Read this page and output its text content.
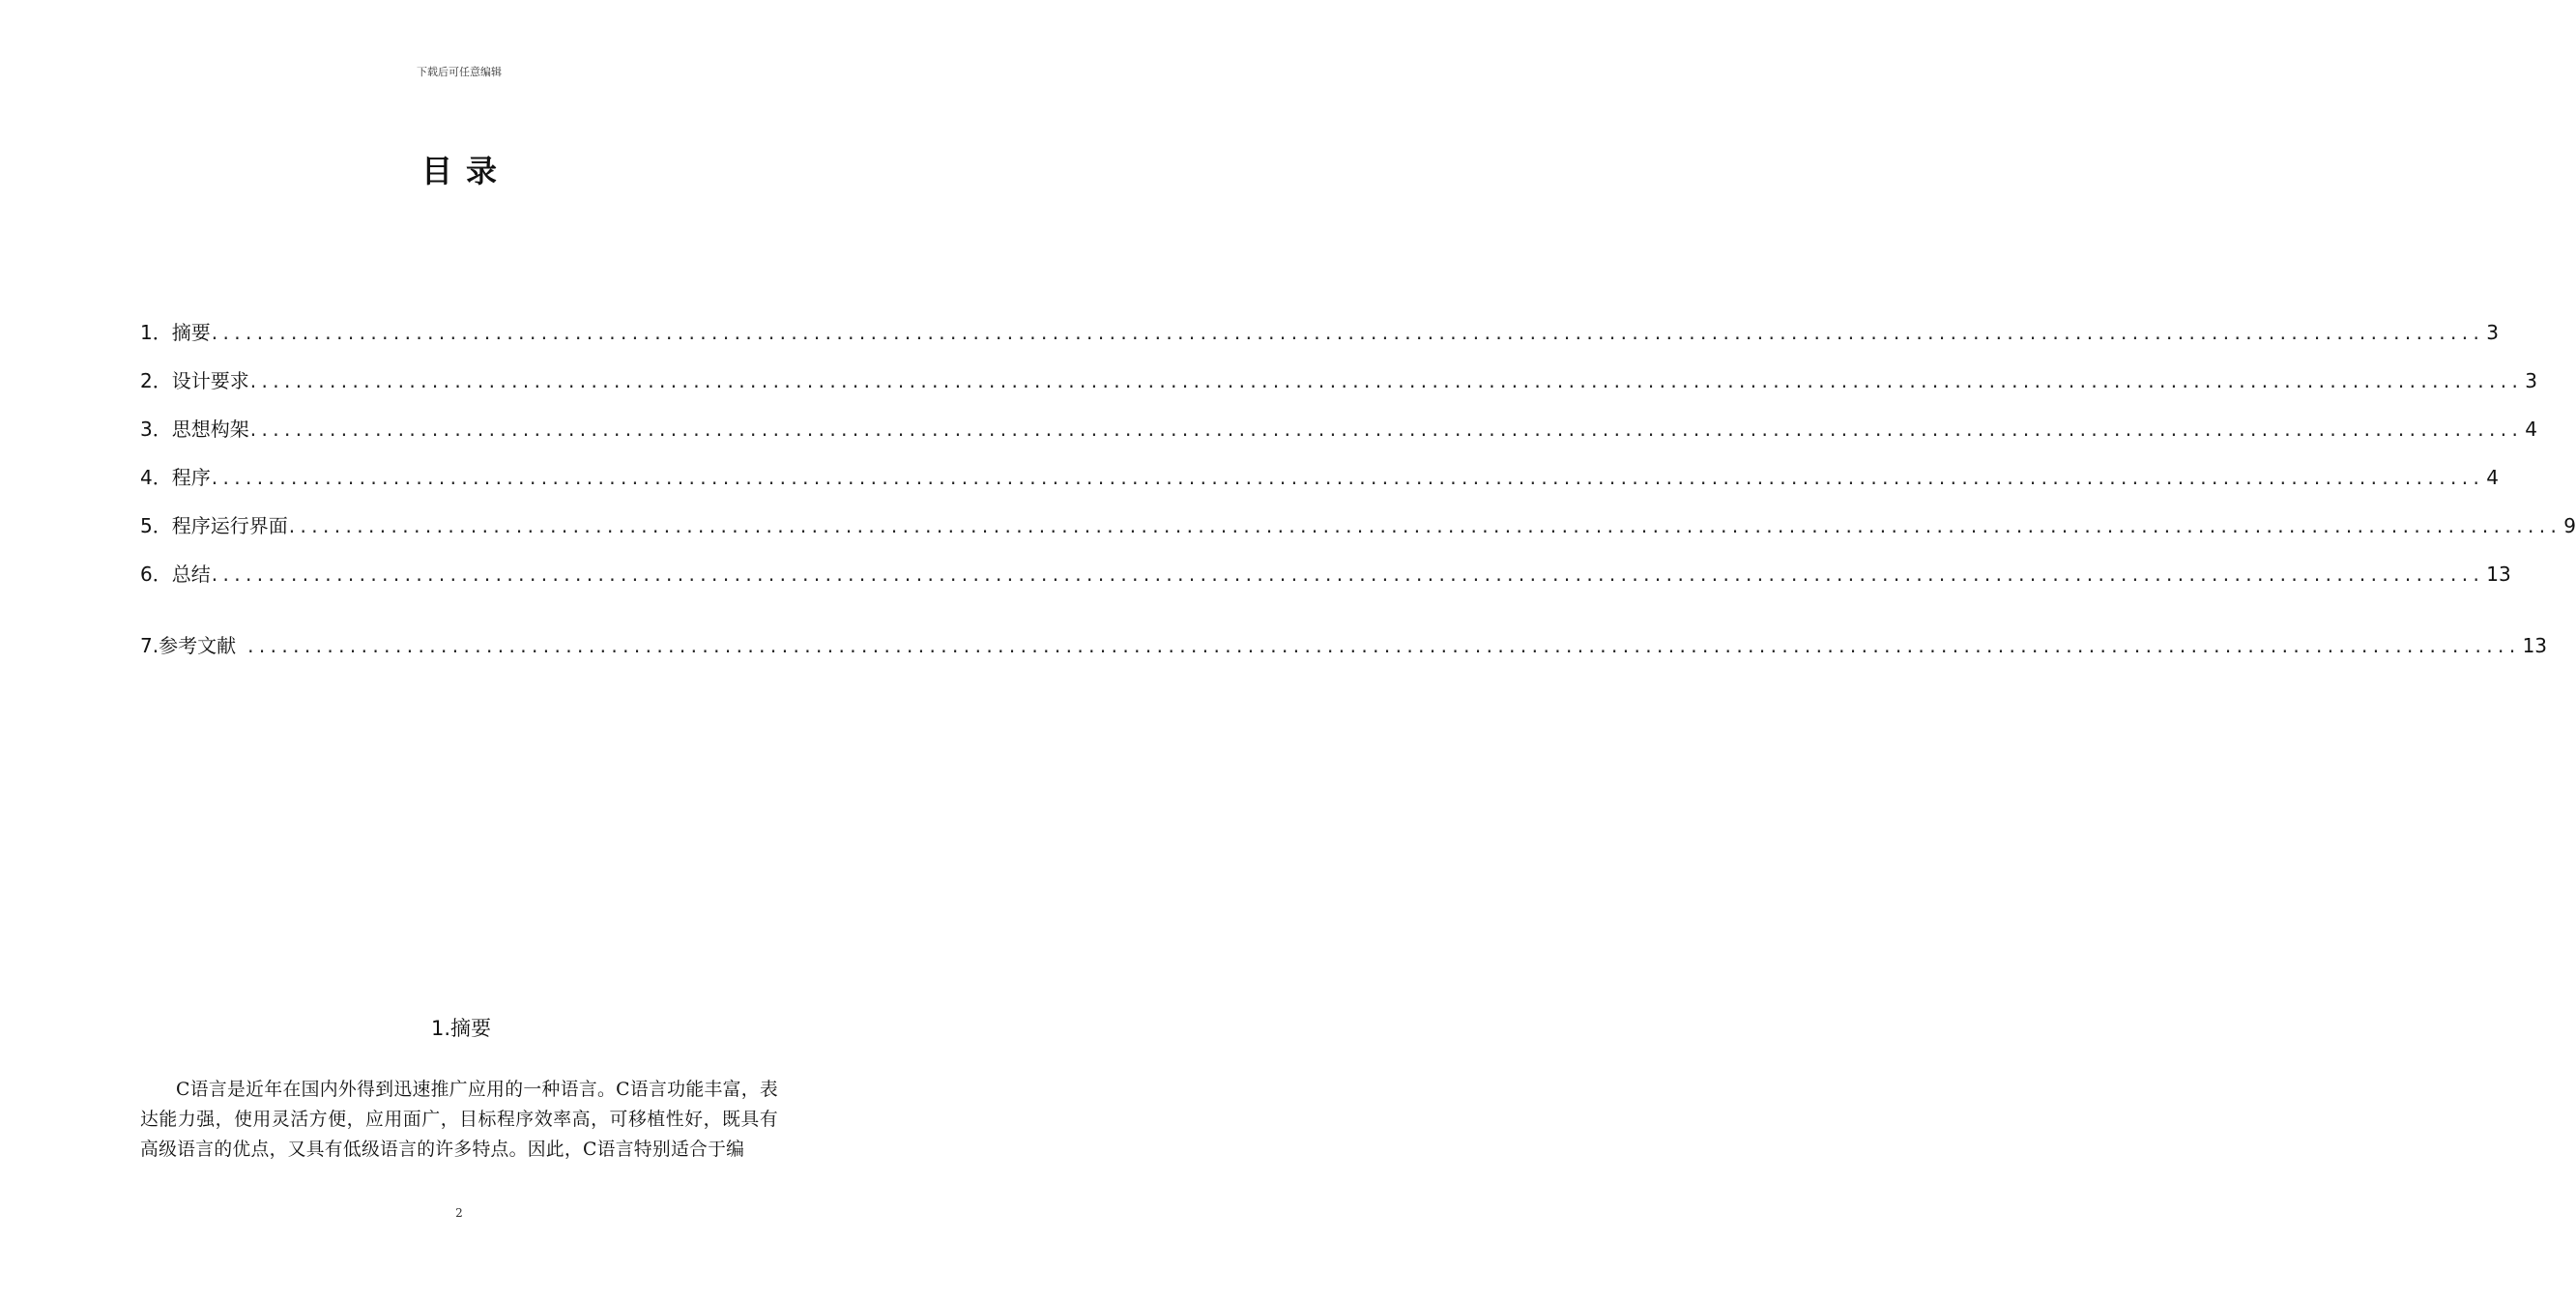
下载后可任意编辑
目录
1．摘要 ........................................................................................................................................................................................................ 3
2．设计要求 ........................................................................................................................................................................................................ 3
3．思想构架 ........................................................................................................................................................................................................ 4
4．程序 ........................................................................................................................................................................................................ 4
5．程序运行界面 ........................................................................................................................................................................................................ 9
6．总结 ........................................................................................................................................................................................................ 13
7.参考文献 ........................................................................................................................................................................................................ 13
1.摘要

C语言是近年在国内外得到迅速推广应用的一种语言。C语言功能丰富，表达能力强，使用灵活方便，应用面广，目标程序效率高，可移植性好，既具有高级语言的优点，又具有低级语言的许多特点。因此，C语言特别适合于编

2
